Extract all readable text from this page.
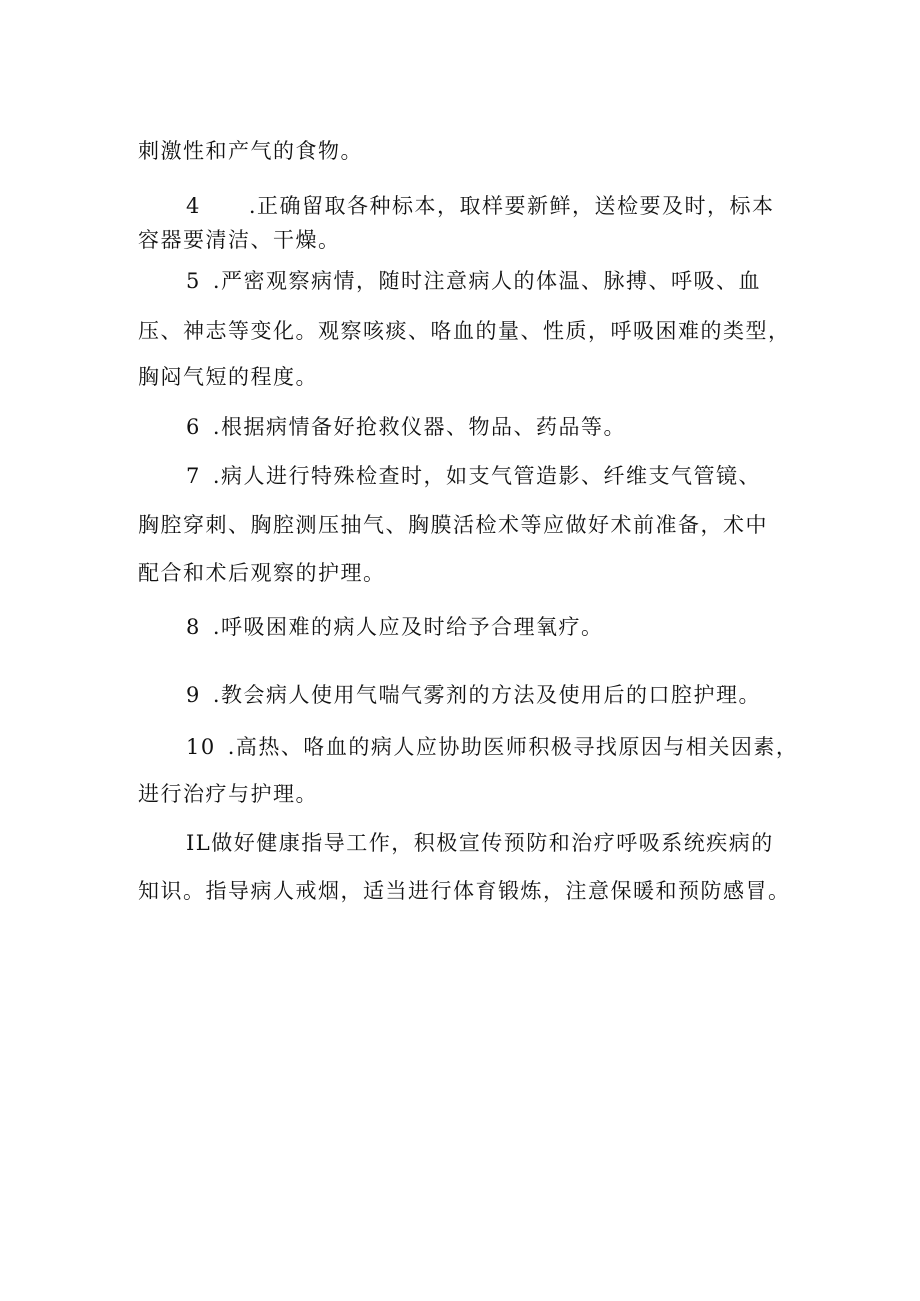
刺激性和产气的食物。
4 .正确留取各种标本，取样要新鲜，送检要及时，标本
容器要清洁、干燥。
5 .严密观察病情，随时注意病人的体温、脉搏、呼吸、血
压、神志等变化。观察咳痰、咯血的量、性质，呼吸困难的类型，
胸闷气短的程度。
6 .根据病情备好抢救仪器、物品、药品等。
7 .病人进行特殊检查时，如支气管造影、纤维支气管镜、
胸腔穿刺、胸腔测压抽气、胸膜活检术等应做好术前准备，术中
配合和术后观察的护理。
8 .呼吸困难的病人应及时给予合理氧疗。
9 .教会病人使用气喘气雾剂的方法及使用后的口腔护理。
10 .高热、咯血的病人应协助医师积极寻找原因与相关因素，
进行治疗与护理。
IL做好健康指导工作，积极宣传预防和治疗呼吸系统疾病的
知识。指导病人戒烟，适当进行体育锻炼，注意保暖和预防感冒。
